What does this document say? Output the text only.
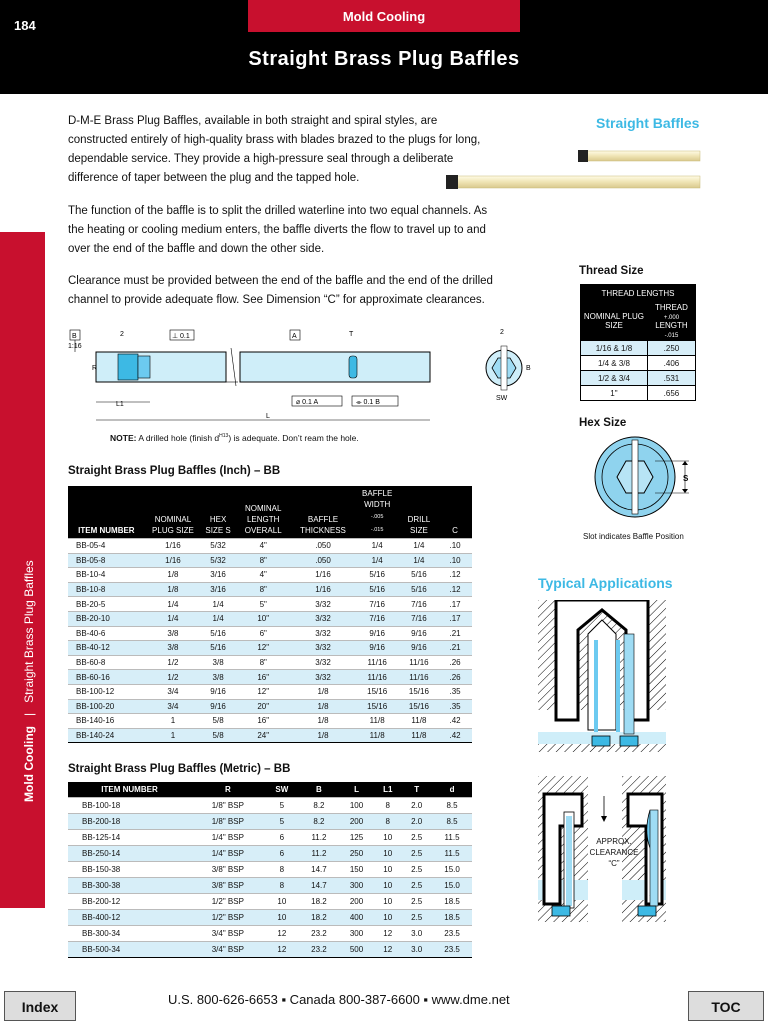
184
Mold Cooling
Straight Brass Plug Baffles
Mold Cooling   |   Straight Brass Plug Baffles

D-M-E Brass Plug Baffles, available in both straight and spiral styles, are constructed entirely of high-quality brass with blades brazed to the plugs for long, dependable service. They provide a high-pressure seal through a deliberate difference of taper between the plug and the tapped hole.

The function of the baffle is to split the drilled waterline into two equal channels. As the heating or cooling medium enters, the baffle diverts the flow to travel up to and over the end of the baffle and down the other side.

Clearance must be provided between the end of the baffle and the end of the drilled channel to provide adequate flow. See Dimension “C” for approximate clearances.

Straight Baffles
Thread Size
THREAD LENGTHS	
NOMINAL PLUG SIZE	THREAD +.000
LENGTH -.015
1/16 & 1/8	.250
1/4 & 3/8	.406
1/2 & 3/4	.531
1"	.656
Hex Size
S
Slot indicates Baffle Position
Typical Applications
APPROX.
CLEARANCE
“C”
B
1:16
R
2	⊥ 0.1	A	T
L1	⌀ 0.1 A	⌯ 0.1 B
L
2
B
SW
NOTE: A drilled hole (finish $d^{H13}$) is adequate. Don’t ream the hole.
Straight Brass Plug Baffles (Inch) – BB
ITEM NUMBER	NOMINAL PLUG SIZE	HEX SIZE S	NOMINAL LENGTH OVERALL	BAFFLE THICKNESS	BAFFLE WIDTH
-.005
-.015	DRILL SIZE	C
BB-05-4	1/16	5/32	4"	.050	1/4	1/4	.10
BB-05-8	1/16	5/32	8"	.050	1/4	1/4	.10
BB-10-4	1/8	3/16	4"	1/16	5/16	5/16	.12
BB-10-8	1/8	3/16	8"	1/16	5/16	5/16	.12
BB-20-5	1/4	1/4	5"	3/32	7/16	7/16	.17
BB-20-10	1/4	1/4	10"	3/32	7/16	7/16	.17
BB-40-6	3/8	5/16	6"	3/32	9/16	9/16	.21
BB-40-12	3/8	5/16	12"	3/32	9/16	9/16	.21
BB-60-8	1/2	3/8	8"	3/32	11/16	11/16	.26
BB-60-16	1/2	3/8	16"	3/32	11/16	11/16	.26
BB-100-12	3/4	9/16	12"	1/8	15/16	15/16	.35
BB-100-20	3/4	9/16	20"	1/8	15/16	15/16	.35
BB-140-16	1	5/8	16"	1/8	11/8	11/8	.42
BB-140-24	1	5/8	24"	1/8	11/8	11/8	.42
Straight Brass Plug Baffles (Metric) – BB
ITEM NUMBER	R	SW	B	L	L1	T	d
BB-100-18	1/8" BSP	5	8.2	100	8	2.0	8.5
BB-200-18	1/8" BSP	5	8.2	200	8	2.0	8.5
BB-125-14	1/4" BSP	6	11.2	125	10	2.5	11.5
BB-250-14	1/4" BSP	6	11.2	250	10	2.5	11.5
BB-150-38	3/8" BSP	8	14.7	150	10	2.5	15.0
BB-300-38	3/8" BSP	8	14.7	300	10	2.5	15.0
BB-200-12	1/2" BSP	10	18.2	200	10	2.5	18.5
BB-400-12	1/2" BSP	10	18.2	400	10	2.5	18.5
BB-300-34	3/4" BSP	12	23.2	300	12	3.0	23.5
BB-500-34	3/4" BSP	12	23.2	500	12	3.0	23.5
Index	U.S. 800-626-6653 ▪ Canada 800-387-6600 ▪ www.dme.net	TOC
